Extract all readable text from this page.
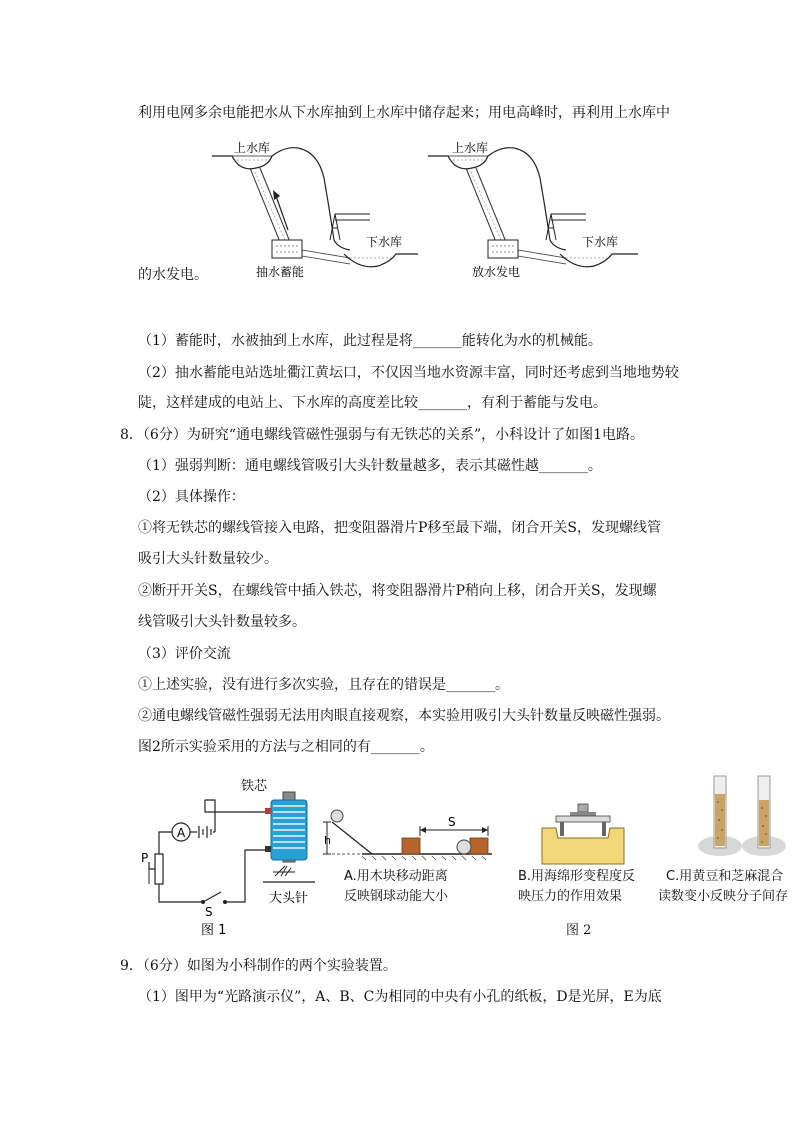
利用电网多余电能把水从下水库抽到上水库中储存起来；用电高峰时，再利用上水库中
上水库
下水库
抽水蓄能
上水库
下水库
放水发电
的水发电。
（1）蓄能时，水被抽到上水库，此过程是将_______能转化为水的机械能。
（2）抽水蓄能电站选址衢江黄坛口，不仅因当地水资源丰富，同时还考虑到当地地势较
陡，这样建成的电站上、下水库的高度差比较_______，有利于蓄能与发电。
8．（6分）为研究“通电螺线管磁性强弱与有无铁芯的关系”，小科设计了如图1电路。
（1）强弱判断：通电螺线管吸引大头针数量越多，表示其磁性越_______。
（2）具体操作：
①将无铁芯的螺线管接入电路，把变阻器滑片P移至最下端，闭合开关S，发现螺线管
吸引大头针数量较少。
②断开开关S，在螺线管中插入铁芯，将变阻器滑片P稍向上移，闭合开关S，发现螺
线管吸引大头针数量较多。
（3）评价交流
①上述实验，没有进行多次实验，且存在的错误是_______。
②通电螺线管磁性强弱无法用肉眼直接观察，本实验用吸引大头针数量反映磁性强弱。
图2所示实验采用的方法与之相同的有_______。
铁芯
A
P
S
大头针
图 1
h
S
A.用木块移动距离
反映钢球动能大小
B.用海绵形变程度反
映压力的作用效果
C.用黄豆和芝麻混合
读数变小反映分子间存
图 2
9．（6分）如图为小科制作的两个实验装置。
（1）图甲为“光路演示仪”，A、B、C为相同的中央有小孔的纸板，D是光屏，E为底
